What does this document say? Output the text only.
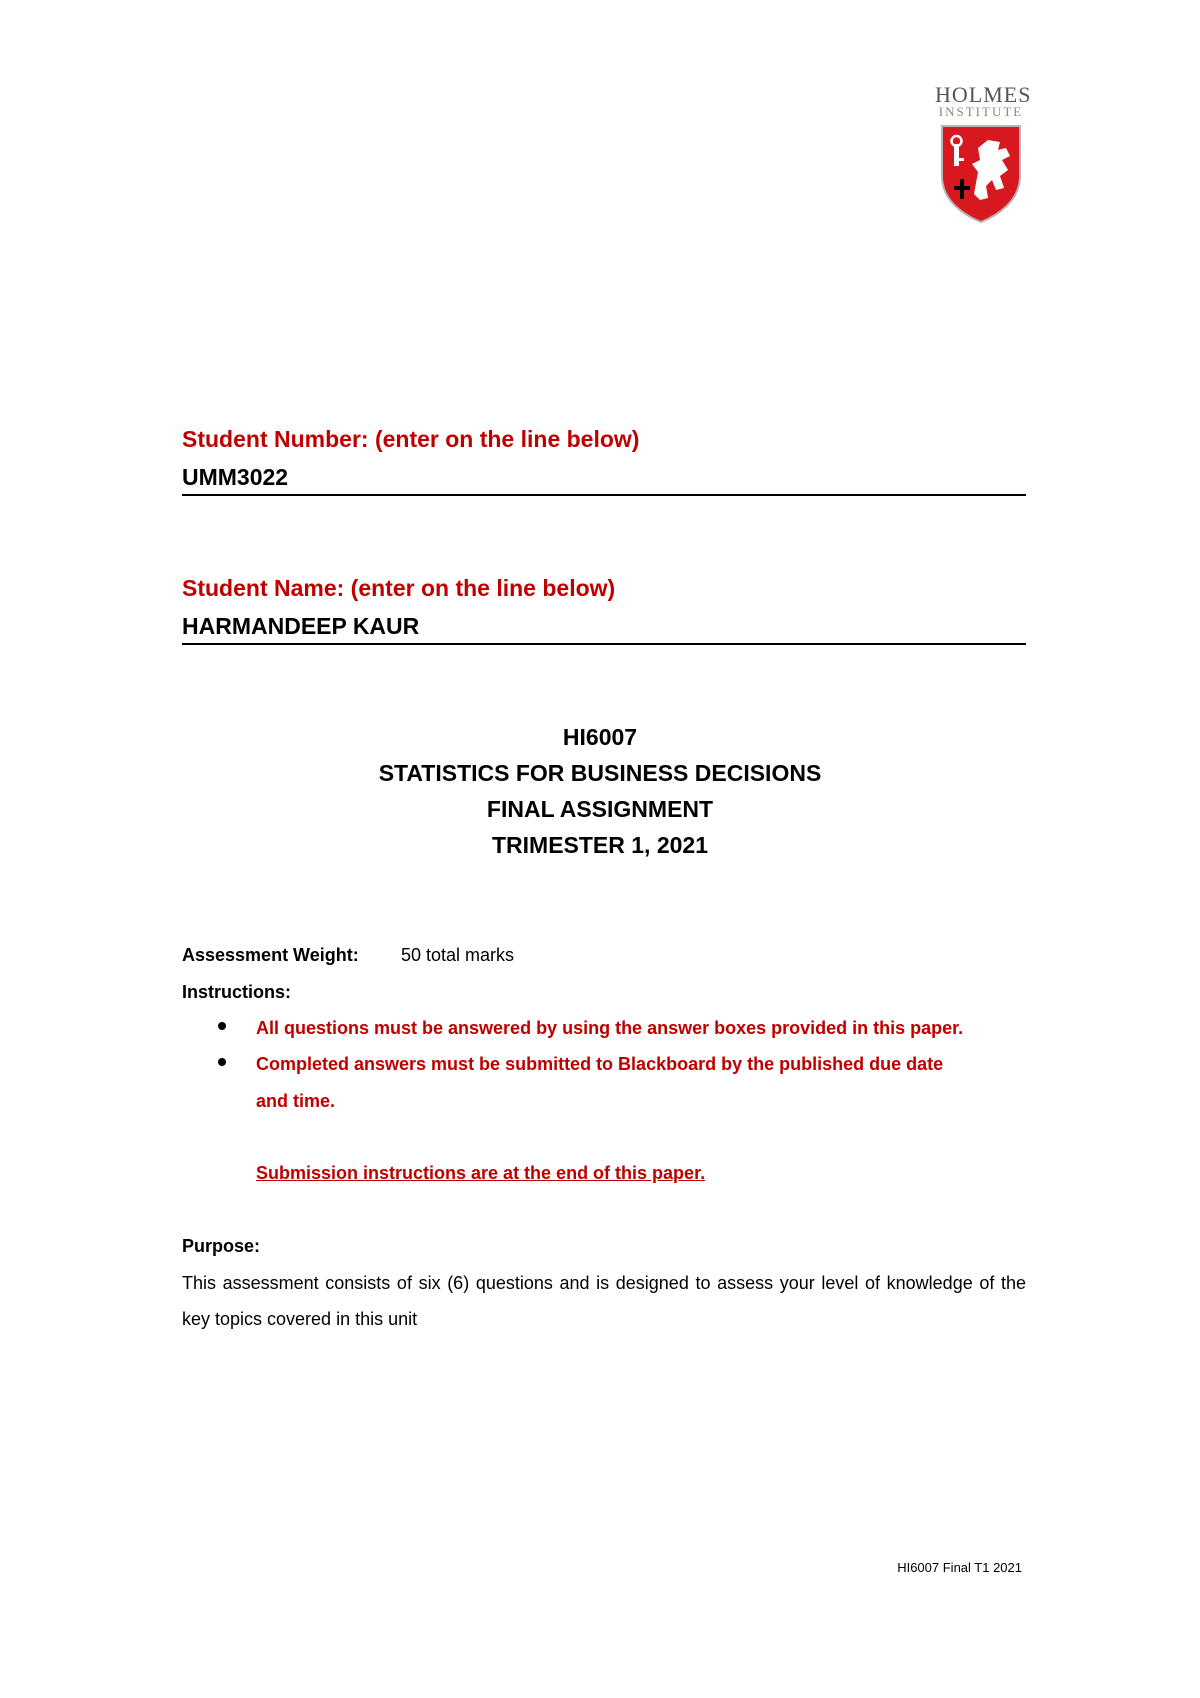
HOLMES
INSTITUTE
Student Number: (enter on the line below)
UMM3022
Student Name: (enter on the line below)
HARMANDEEP KAUR
HI6007
STATISTICS FOR BUSINESS DECISIONS
FINAL ASSIGNMENT
TRIMESTER 1, 2021
Assessment Weight: 50 total marks
Instructions:
All questions must be answered by using the answer boxes provided in this paper.
Completed answers must be submitted to Blackboard by the published due date
and time.
Submission instructions are at the end of this paper.
Purpose:
This assessment consists of six (6) questions and is designed to assess your level of knowledge of the key topics covered in this unit
HI6007 Final T1 2021
